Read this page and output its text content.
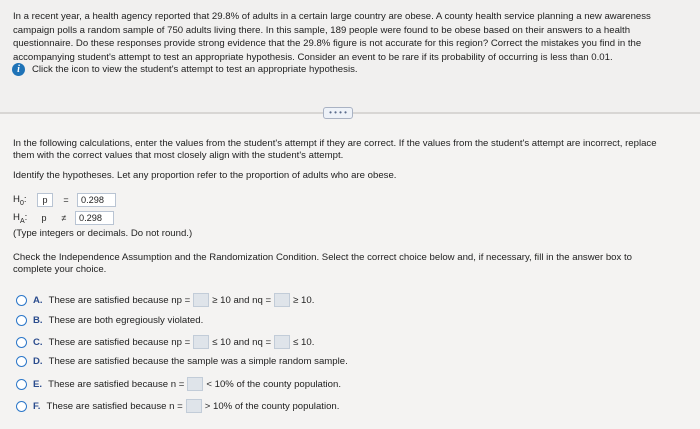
In a recent year, a health agency reported that 29.8% of adults in a certain large country are obese. A county health service planning a new awareness campaign polls a random sample of 750 adults living there. In this sample, 189 people were found to be obese based on their answers to a health questionnaire. Do these responses provide strong evidence that the 29.8% figure is not accurate for this region? Correct the mistakes you find in the accompanying student's attempt to test an appropriate hypothesis. Consider an event to be rare if its probability of occurring is less than 0.01.
i	Click the icon to view the student's attempt to test an appropriate hypothesis.
• • • •
In the following calculations, enter the values from the student's attempt if they are correct. If the values from the student's attempt are incorrect, replace them with the correct values that most closely align with the student's attempt.
Identify the hypotheses. Let any proportion refer to the proportion of adults who are obese.
$H_0$:	p	=	0.298
$H_A$:	p	≠	0.298
(Type integers or decimals. Do not round.)
Check the Independence Assumption and the Randomization Condition. Select the correct choice below and, if necessary, fill in the answer box to complete your choice.
A. These are satisfied because np = ≥ 10 and nq = ≥ 10.
B. These are both egregiously violated.
C. These are satisfied because np = ≤ 10 and nq = ≤ 10.
D. These are satisfied because the sample was a simple random sample.
E. These are satisfied because n = < 10% of the county population.
F. These are satisfied because n = > 10% of the county population.
